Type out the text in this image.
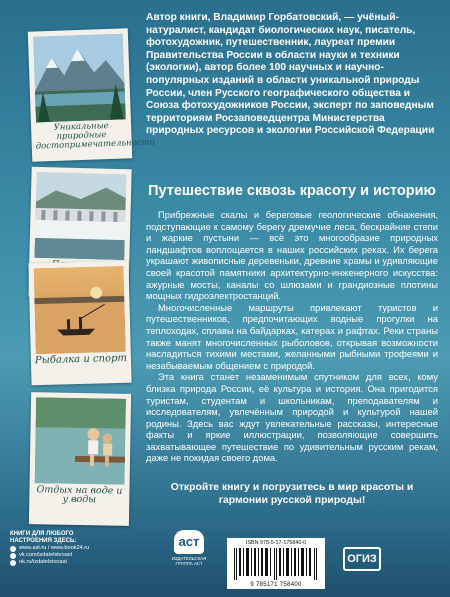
Уникальные природные достопримечательности
Рыбалка и спорт
Отдых на воде и у воды
Автор книги, Владимир Горбатовский, — учёный-натуралист, кандидат биологических наук, писатель, фотохудожник, путешественник, лауреат премии Правительства России в области науки и техники (экологии), автор более 100 научных и научно-популярных изданий в области уникальной природы России, член Русского географического общества и Союза фотохудожников России, эксперт по заповедным территориям Росзаповедцентра Министерства природных ресурсов и экологии Российской Федерации
Путешествие сквозь красоту и историю

Прибрежные скалы и береговые геологические обнажения, подступающие к самому берегу дремучие леса, бескрайние степи и жаркие пустыни — всё это многообразие природных ландшафтов воплощается в наших российских реках. Их берега украшают живописные деревеньки, древние храмы и удивляющие своей красотой памятники архитектурно-инженерного искусства: ажурные мосты, каналы со шлюзами и грандиозные плотины мощных гидроэлектростанций.

Многочисленные маршруты привлекают туристов и путешественников, предпочитающих водные прогулки на теплоходах, сплавы на байдарках, катерах и рафтах. Реки страны также манят многочисленных рыболовов, открывая возможности насладиться тихими местами, желанными рыбными трофеями и незабываемым общением с природой.

Эта книга станет незаменимым спутником для всех, кому близка природа России, её культура и история. Она пригодится туристам, студентам и школьникам, преподавателям и исследователям, увлечённым природой и культурой нашей родины. Здесь вас ждут увлекательные рассказы, интересные факты и яркие иллюстрации, позволяющие совершить захватывающее путешествие по удивительным русским рекам, даже не покидая своего дома.

Откройте книгу и погрузитесь в мир красоты и гармонии русской природы!
КНИГИ ДЛЯ ЛЮБОГО
НАСТРОЕНИЯ ЗДЕСЬ:
www.ast.ru / www.book24.ru
vk.com/izdatelstvoast
ok.ru/izdatelstvoast
аст
ИЗДАТЕЛЬСКАЯ
ГРУППА АСТ
ISBN 978-5-17-175840-0
9 785171 758400
ОГИЗ
